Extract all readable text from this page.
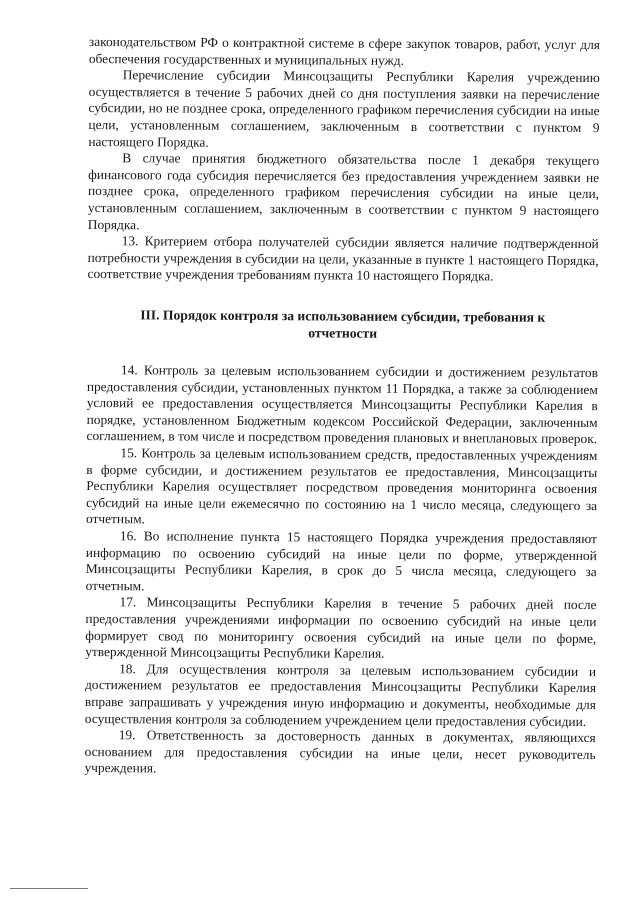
законодательством РФ о контрактной системе в сфере закупок товаров, работ, услуг для обеспечения государственных и муниципальных нужд.

Перечисление субсидии Минсоцзащиты Республики Карелия учреждению осуществляется в течение 5 рабочих дней со дня поступления заявки на перечисление субсидии, но не позднее срока, определенного графиком перечисления субсидии на иные цели, установленным соглашением, заключенным в соответствии с пунктом 9 настоящего Порядка.

В случае принятия бюджетного обязательства после 1 декабря текущего финансового года субсидия перечисляется без предоставления учреждением заявки не позднее срока, определенного графиком перечисления субсидии на иные цели, установленным соглашением, заключенным в соответствии с пунктом 9 настоящего Порядка.

13. Критерием отбора получателей субсидии является наличие подтвержденной потребности учреждения в субсидии на цели, указанные в пункте 1 настоящего Порядка, соответствие учреждения требованиям пункта 10 настоящего Порядка.

III. Порядок контроля за использованием субсидии, требования к отчетности

14. Контроль за целевым использованием субсидии и достижением результатов предоставления субсидии, установленных пунктом 11 Порядка, а также за соблюдением условий ее предоставления осуществляется Минсоцзащиты Республики Карелия в порядке, установленном Бюджетным кодексом Российской Федерации, заключенным соглашением, в том числе и посредством проведения плановых и внеплановых проверок.

15. Контроль за целевым использованием средств, предоставленных учреждениям в форме субсидии, и достижением результатов ее предоставления, Минсоцзащиты Республики Карелия осуществляет посредством проведения мониторинга освоения субсидий на иные цели ежемесячно по состоянию на 1 число месяца, следующего за отчетным.

16. Во исполнение пункта 15 настоящего Порядка учреждения предоставляют информацию по освоению субсидий на иные цели по форме, утвержденной Минсоцзащиты Республики Карелия, в срок до 5 числа месяца, следующего за отчетным.

17. Минсоцзащиты Республики Карелия в течение 5 рабочих дней после предоставления учреждениями информации по освоению субсидий на иные цели формирует свод по мониторингу освоения субсидий на иные цели по форме, утвержденной Минсоцзащиты Республики Карелия.

18. Для осуществления контроля за целевым использованием субсидии и достижением результатов ее предоставления Минсоцзащиты Республики Карелия вправе запрашивать у учреждения иную информацию и документы, необходимые для осуществления контроля за соблюдением учреждением цели предоставления субсидии.

19. Ответственность за достоверность данных в документах, являющихся основанием для предоставления субсидии на иные цели, несет руководитель учреждения.
